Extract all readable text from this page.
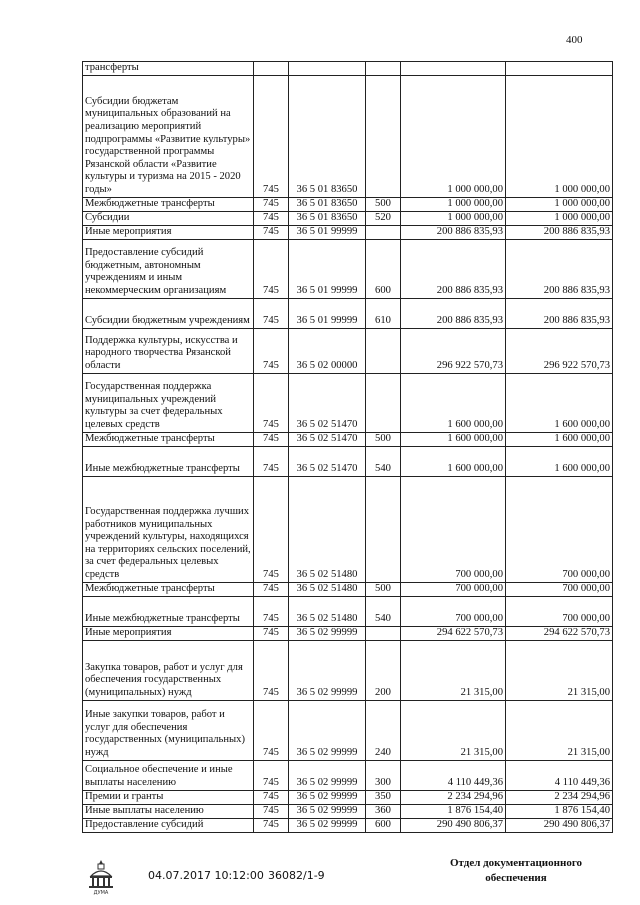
400
трансферты					
Субсидии бюджетам муниципальных образований на реализацию мероприятий подпрограммы «Развитие культуры» государственной программы Рязанской области «Развитие культуры и туризма на 2015 - 2020 годы»	745	36 5 01 83650		1 000 000,00	1 000 000,00
Межбюджетные трансферты	745	36 5 01 83650	500	1 000 000,00	1 000 000,00
Субсидии	745	36 5 01 83650	520	1 000 000,00	1 000 000,00
Иные мероприятия	745	36 5 01 99999		200 886 835,93	200 886 835,93
Предоставление субсидий бюджетным, автономным учреждениям и иным некоммерческим организациям	745	36 5 01 99999	600	200 886 835,93	200 886 835,93
Субсидии бюджетным учреждениям	745	36 5 01 99999	610	200 886 835,93	200 886 835,93
Поддержка культуры, искусства и народного творчества Рязанской области	745	36 5 02 00000		296 922 570,73	296 922 570,73
Государственная поддержка муниципальных учреждений культуры за счет федеральных целевых средств	745	36 5 02 51470		1 600 000,00	1 600 000,00
Межбюджетные трансферты	745	36 5 02 51470	500	1 600 000,00	1 600 000,00
Иные межбюджетные трансферты	745	36 5 02 51470	540	1 600 000,00	1 600 000,00
Государственная поддержка лучших работников муниципальных учреждений культуры, находящихся на территориях сельских поселений, за счет федеральных целевых средств	745	36 5 02 51480		700 000,00	700 000,00
Межбюджетные трансферты	745	36 5 02 51480	500	700 000,00	700 000,00
Иные межбюджетные трансферты	745	36 5 02 51480	540	700 000,00	700 000,00
Иные мероприятия	745	36 5 02 99999		294 622 570,73	294 622 570,73
Закупка товаров, работ и услуг для обеспечения государственных (муниципальных) нужд	745	36 5 02 99999	200	21 315,00	21 315,00
Иные закупки товаров, работ и услуг для обеспечения государственных (муниципальных) нужд	745	36 5 02 99999	240	21 315,00	21 315,00
Социальное обеспечение и иные выплаты населению	745	36 5 02 99999	300	4 110 449,36	4 110 449,36
Премии и гранты	745	36 5 02 99999	350	2 234 294,96	2 234 294,96
Иные выплаты населению	745	36 5 02 99999	360	1 876 154,40	1 876 154,40
Предоставление субсидий	745	36 5 02 99999	600	290 490 806,37	290 490 806,37
ДУМА
04.07.2017 10:12:00 36082/1-9
Отдел документационного обеспечения
